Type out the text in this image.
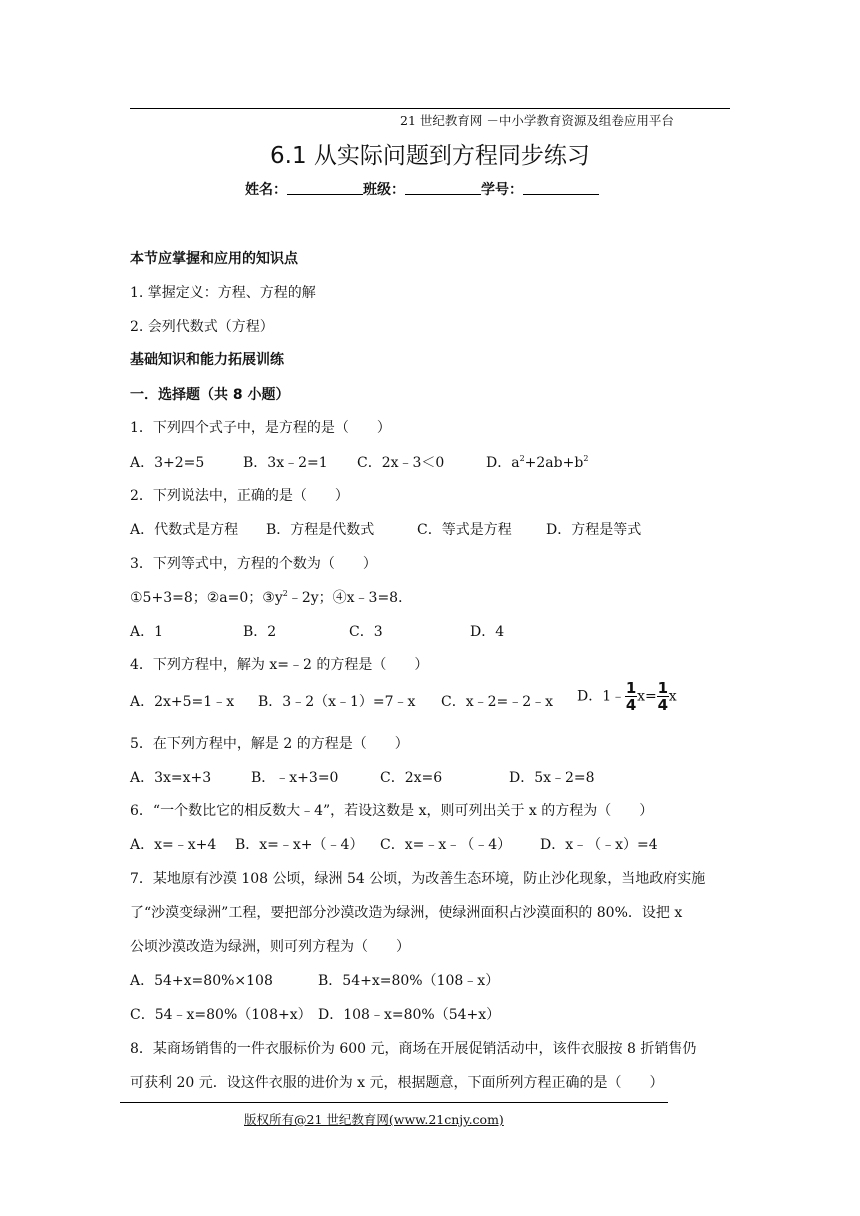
21 世纪教育网 －中小学教育资源及组卷应用平台
6.1 从实际问题到方程同步练习
姓名：	班级：	学号：
本节应掌握和应用的知识点
1. 掌握定义：方程、方程的解
2. 会列代数式（方程）
基础知识和能力拓展训练
一．选择题（共 8 小题）
1．下列四个式子中，是方程的是（　　）
A．3+2=5	B．3x﹣2=1 C．2x﹣3＜0	D．$a^2+2ab+b^2$
2．下列说法中，正确的是（　　）
A．代数式是方程 B．方程是代数式	C．等式是方程 D．方程是等式
3．下列等式中，方程的个数为（　　）
①5+3=8；②a=0；$③y^2﹣2y$；④x﹣3=8．
A．1	B．2	C．3	D．4
4．下列方程中，解为 x=﹣2 的方程是（　　）
A．2x+5=1﹣x B．3﹣2（x﹣1）=7﹣x C．x﹣2=﹣2﹣x D．1﹣ $\frac{1}{4} x= \frac{1}{4}$ x
5．在下列方程中，解是 2 的方程是（　　）
A．3x=x+3	B．﹣x+3=0	C．2x=6	D．5x﹣2=8
6．“一个数比它的相反数大﹣4”，若设这数是 x，则可列出关于 x 的方程为（　　）
A．x=﹣x+4 B．x=﹣x+（﹣4） C．x=﹣x﹣（﹣4） D．x﹣（﹣x）=4
7．某地原有沙漠 108 公顷，绿洲 54 公顷，为改善生态环境，防止沙化现象，当地政府实施
了“沙漠变绿洲”工程，要把部分沙漠改造为绿洲，使绿洲面积占沙漠面积的 80%．设把 x
公顷沙漠改造为绿洲，则可列方程为（　　）
A．54+x=80%×108	B．54+x=80%（108﹣x）
C．54﹣x=80%（108+x） D．108﹣x=80%（54+x）
8．某商场销售的一件衣服标价为 600 元，商场在开展促销活动中，该件衣服按 8 折销售仍
可获利 20 元．设这件衣服的进价为 x 元，根据题意，下面所列方程正确的是（　　）
版权所有@21 世纪教育网(www.21cnjy.com)
